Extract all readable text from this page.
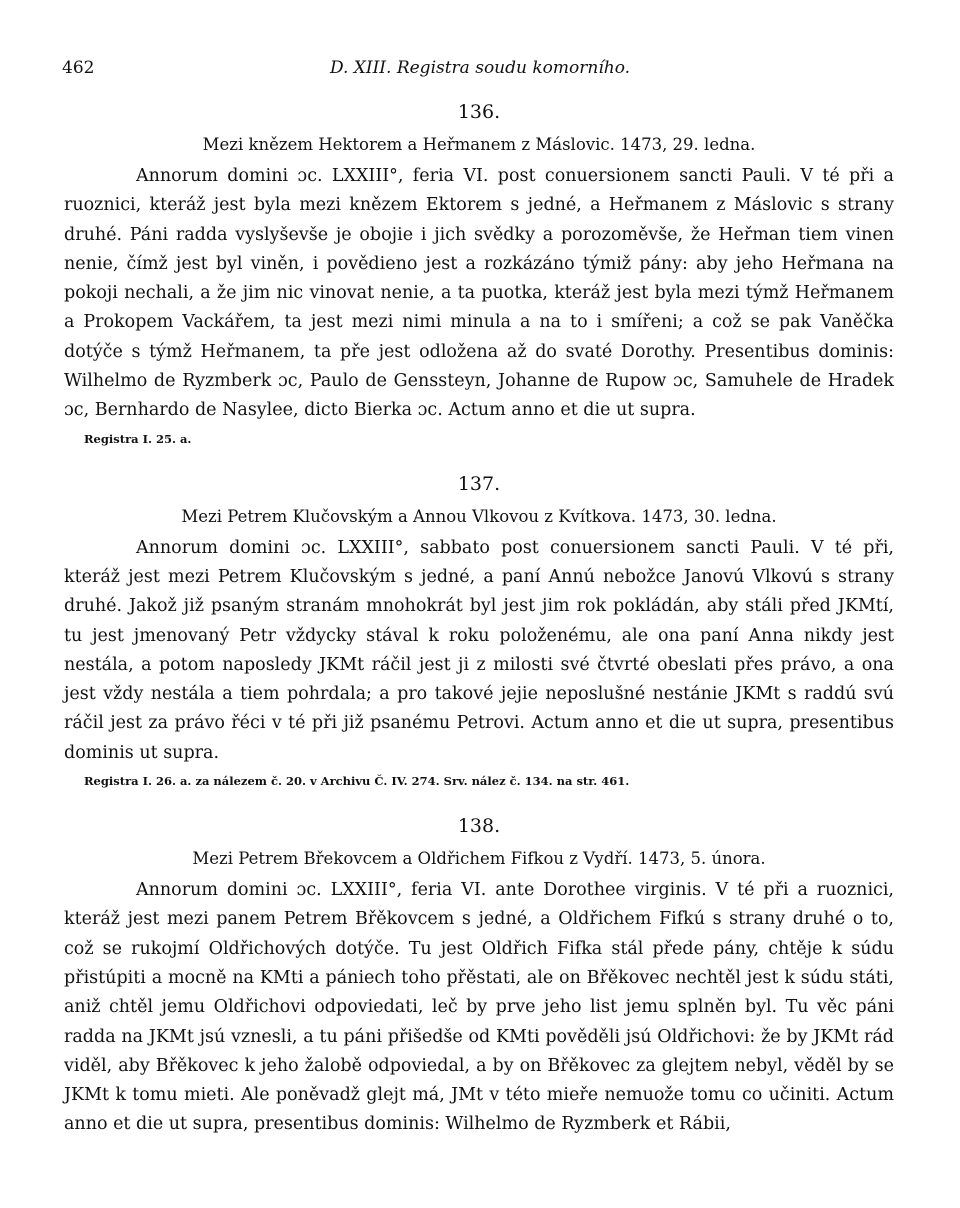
462	D. XIII. Registra soudu komorního.
136.
Mezi knězem Hektorem a Heřmanem z Máslovic. 1473, 29. ledna.

Annorum domini ɔc. LXXIII°, feria VI. post conuersionem sancti Pauli. V té při a ruoznici, kteráž jest byla mezi knězem Ektorem s jedné, a Heřmanem z Máslovic s strany druhé. Páni radda vyslyševše je obojie i jich svědky a porozoměvše, že Heřman tiem vinen nenie, čímž jest byl viněn, i povědieno jest a rozkázáno týmiž pány: aby jeho Heřmana na pokoji nechali, a že jim nic vinovat nenie, a ta puotka, kteráž jest byla mezi týmž Heřmanem a Prokopem Vackářem, ta jest mezi nimi minula a na to i smířeni; a což se pak Vaněčka dotýče s týmž Heřmanem, ta pře jest odložena až do svaté Dorothy. Presentibus dominis: Wilhelmo de Ryzmberk ɔc, Paulo de Genssteyn, Johanne de Rupow ɔc, Samuhele de Hradek ɔc, Bernhardo de Nasylee, dicto Bierka ɔc. Actum anno et die ut supra.

Registra I. 25. a.
137.
Mezi Petrem Klučovským a Annou Vlkovou z Kvítkova. 1473, 30. ledna.

Annorum domini ɔc. LXXIII°, sabbato post conuersionem sancti Pauli. V té při, kteráž jest mezi Petrem Klučovským s jedné, a paní Annú nebožce Janovú Vlkovú s strany druhé. Jakož již psaným stranám mnohokrát byl jest jim rok pokládán, aby stáli před JKMtí, tu jest jmenovaný Petr vždycky stával k roku položenému, ale ona paní Anna nikdy jest nestála, a potom naposledy JKMt ráčil jest ji z milosti své čtvrté obeslati přes právo, a ona jest vždy nestála a tiem pohrdala; a pro takové jejie neposlušné nestánie JKMt s raddú svú ráčil jest za právo řéci v té při již psanému Petrovi. Actum anno et die ut supra, presentibus dominis ut supra.

Registra I. 26. a. za nálezem č. 20. v Archivu Č. IV. 274. Srv. nález č. 134. na str. 461.
138.
Mezi Petrem Břekovcem a Oldřichem Fifkou z Vydří. 1473, 5. února.

Annorum domini ɔc. LXXIII°, feria VI. ante Dorothee virginis. V té při a ruoznici, kteráž jest mezi panem Petrem Břěkovcem s jedné, a Oldřichem Fifkú s strany druhé o to, což se rukojmí Oldřichových dotýče. Tu jest Oldřich Fifka stál přede pány, chtěje k súdu přistúpiti a mocně na KMti a pániech toho přěstati, ale on Břěkovec nechtěl jest k súdu státi, aniž chtěl jemu Oldřichovi odpoviedati, leč by prve jeho list jemu splněn byl. Tu věc páni radda na JKMt jsú vznesli, a tu páni přišedše od KMti pověděli jsú Oldřichovi: že by JKMt rád viděl, aby Břěkovec k jeho žalobě odpoviedal, a by on Břěkovec za glejtem nebyl, věděl by se JKMt k tomu mieti. Ale poněvadž glejt má, JMt v této mieře nemuože tomu co učiniti. Actum anno et die ut supra, presentibus dominis: Wilhelmo de Ryzmberk et Rábii,
